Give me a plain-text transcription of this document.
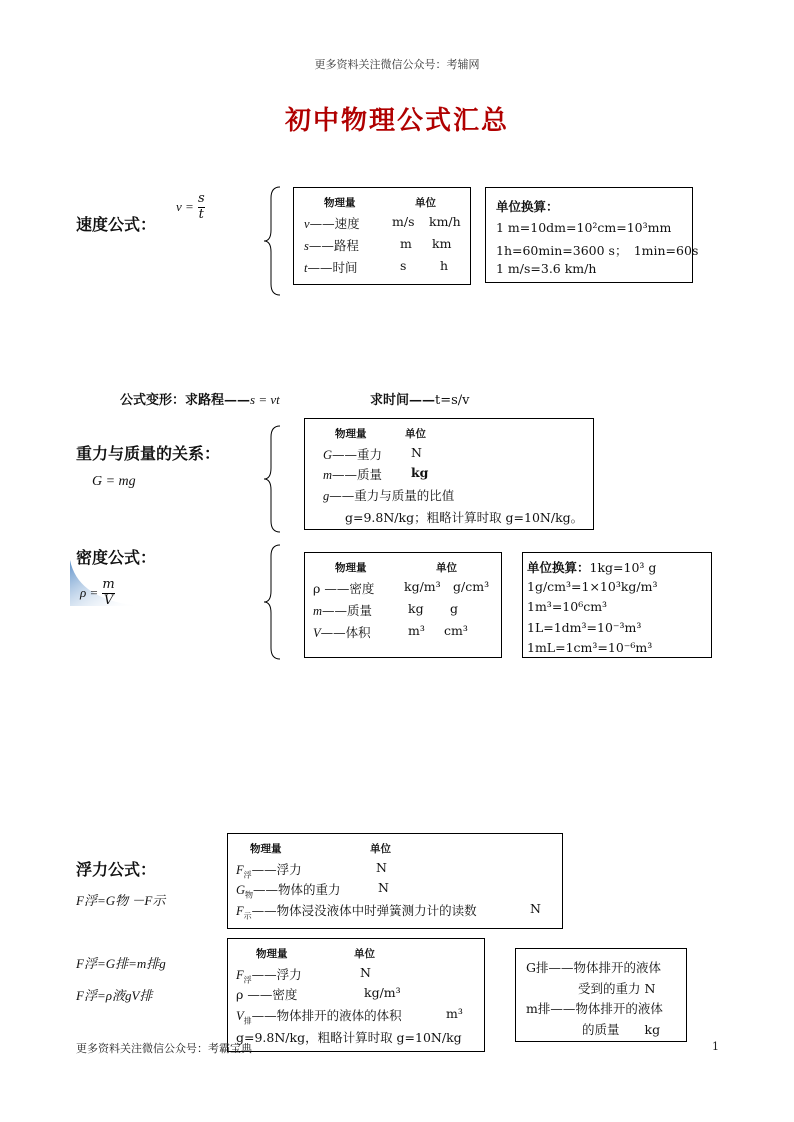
更多资料关注微信公众号：考辅网
初中物理公式汇总
速度公式：
$v = \frac{s}{t}$	物理量	单位
v——速度	m/s km/h
s——路程	m km
t——时间	s	h
单位换算：
1 m=10dm=10²cm=10³mm
1h=60min=3600 s；　1min=60s
1 m/s=3.6 km/h
公式变形：求路程——s = vt	求时间——t=s/v
重力与质量的关系：
G = mg
物理量	单位
G——重力 N
m——质量 kg
g——重力与质量的比值
g=9.8N/kg；粗略计算时取 g=10N/kg。
密度公式：
$\rho = \frac{m}{V}$
物理量	单位
ρ ——密度 kg/m³ g/cm³
m——质量	kg g
V——体积	m³ cm³
单位换算：1kg=10³ g
1g/cm³=1×10³kg/m³
1m³=10⁶cm³
1L=1dm³=10⁻³m³
1mL=1cm³=10⁻⁶m³
浮力公式：
F浮=G物 －F示
物理量	单位
$F_浮——$浮力	N
$G_物——$物体的重力	N
$F_示——$物体浸没液体中时弹簧测力计的读数	N
F浮=G排=m排g
F浮=ρ液gV排
物理量	单位
$F_浮——$浮力	N
ρ ——密度	kg/m³
$V_排——$物体排开的液体的体积	m³
g=9.8N/kg，粗略计算时取 g=10N/kg
G排——物体排开的液体
受到的重力 N
m排——物体排开的液体
的质量　　kg
更多资料关注微信公众号：考霸宝典	1
